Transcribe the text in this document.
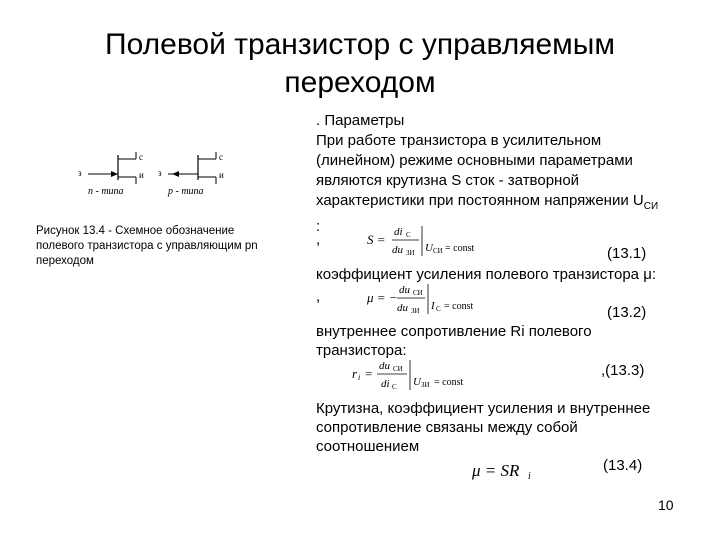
Полевой транзистор с управляемым
переходом
з
с
и
n - типа
з
с
и
p - типа
Рисунок 13.4 - Схемное обозначение полевого транзистора с управляющим pn переходом
. Параметры
При работе транзистора в усилительном
(линейном) режиме основными параметрами
являются крутизна S сток - затворной
характеристики при постоянном напряжении $U_{СИ}$
:
,	S = di C
du ЗИ U СИ = const	(13.1)
коэффициент усиления полевого транзистора μ:
,	μ = − du СИ
du ЗИ I C = const	(13.2)
внутреннее сопротивление Ri полевого
транзистора:
r i = du СИ
di C U ЗИ = const
,(13.3)
Крутизна, коэффициент усиления и внутреннее
сопротивление связаны между собой
соотношением
μ = SR i
(13.4)
10
